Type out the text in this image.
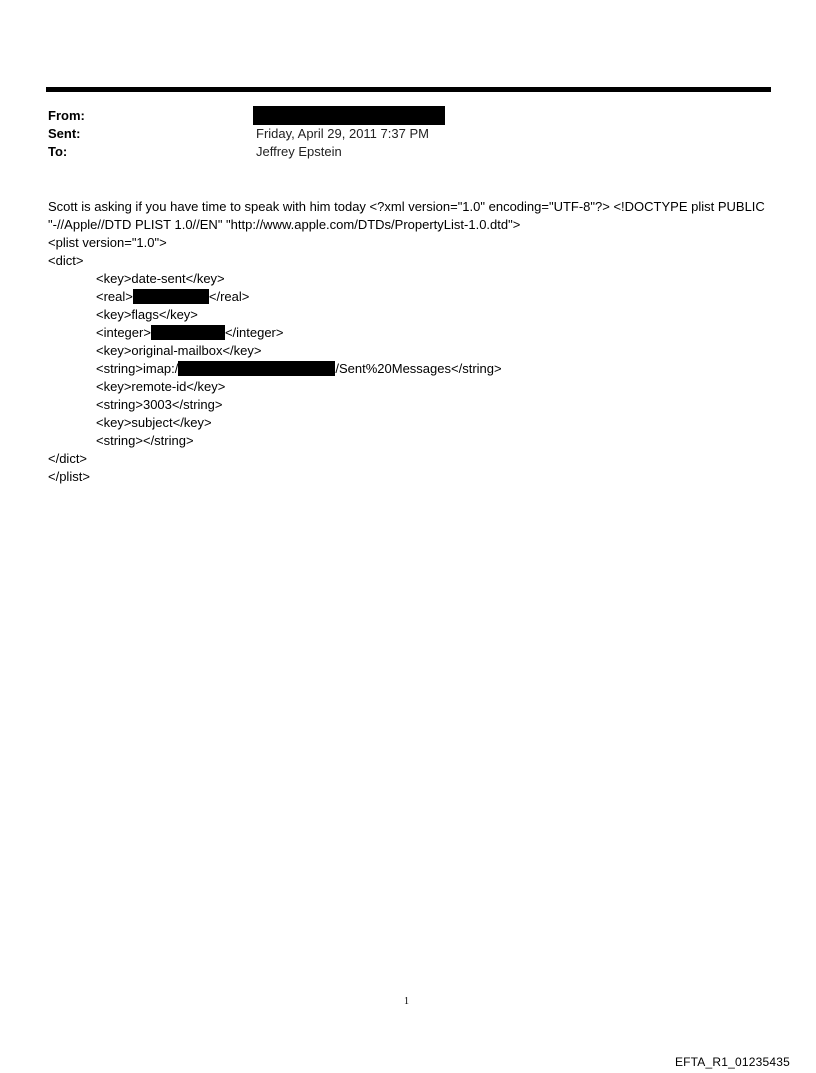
From:
Sent:	Friday, April 29, 2011 7:37 PM
To:	Jeffrey Epstein
Scott is asking if you have time to speak with him today <?xml version="1.0" encoding="UTF-8"?> <!DOCTYPE plist PUBLIC "-//Apple//DTD PLIST 1.0//EN" "http://www.apple.com/DTDs/PropertyList-1.0.dtd">
<plist version="1.0">
<dict>
<key>date-sent</key>
<real>	</real>
<key>flags</key>
<integer>	</integer>
<key>original-mailbox</key>
<string>imap:/	/Sent%20Messages</string>
<key>remote-id</key>
<string>3003</string>
<key>subject</key>
<string></string>
</dict>
</plist>
1
EFTA_R1_01235435
